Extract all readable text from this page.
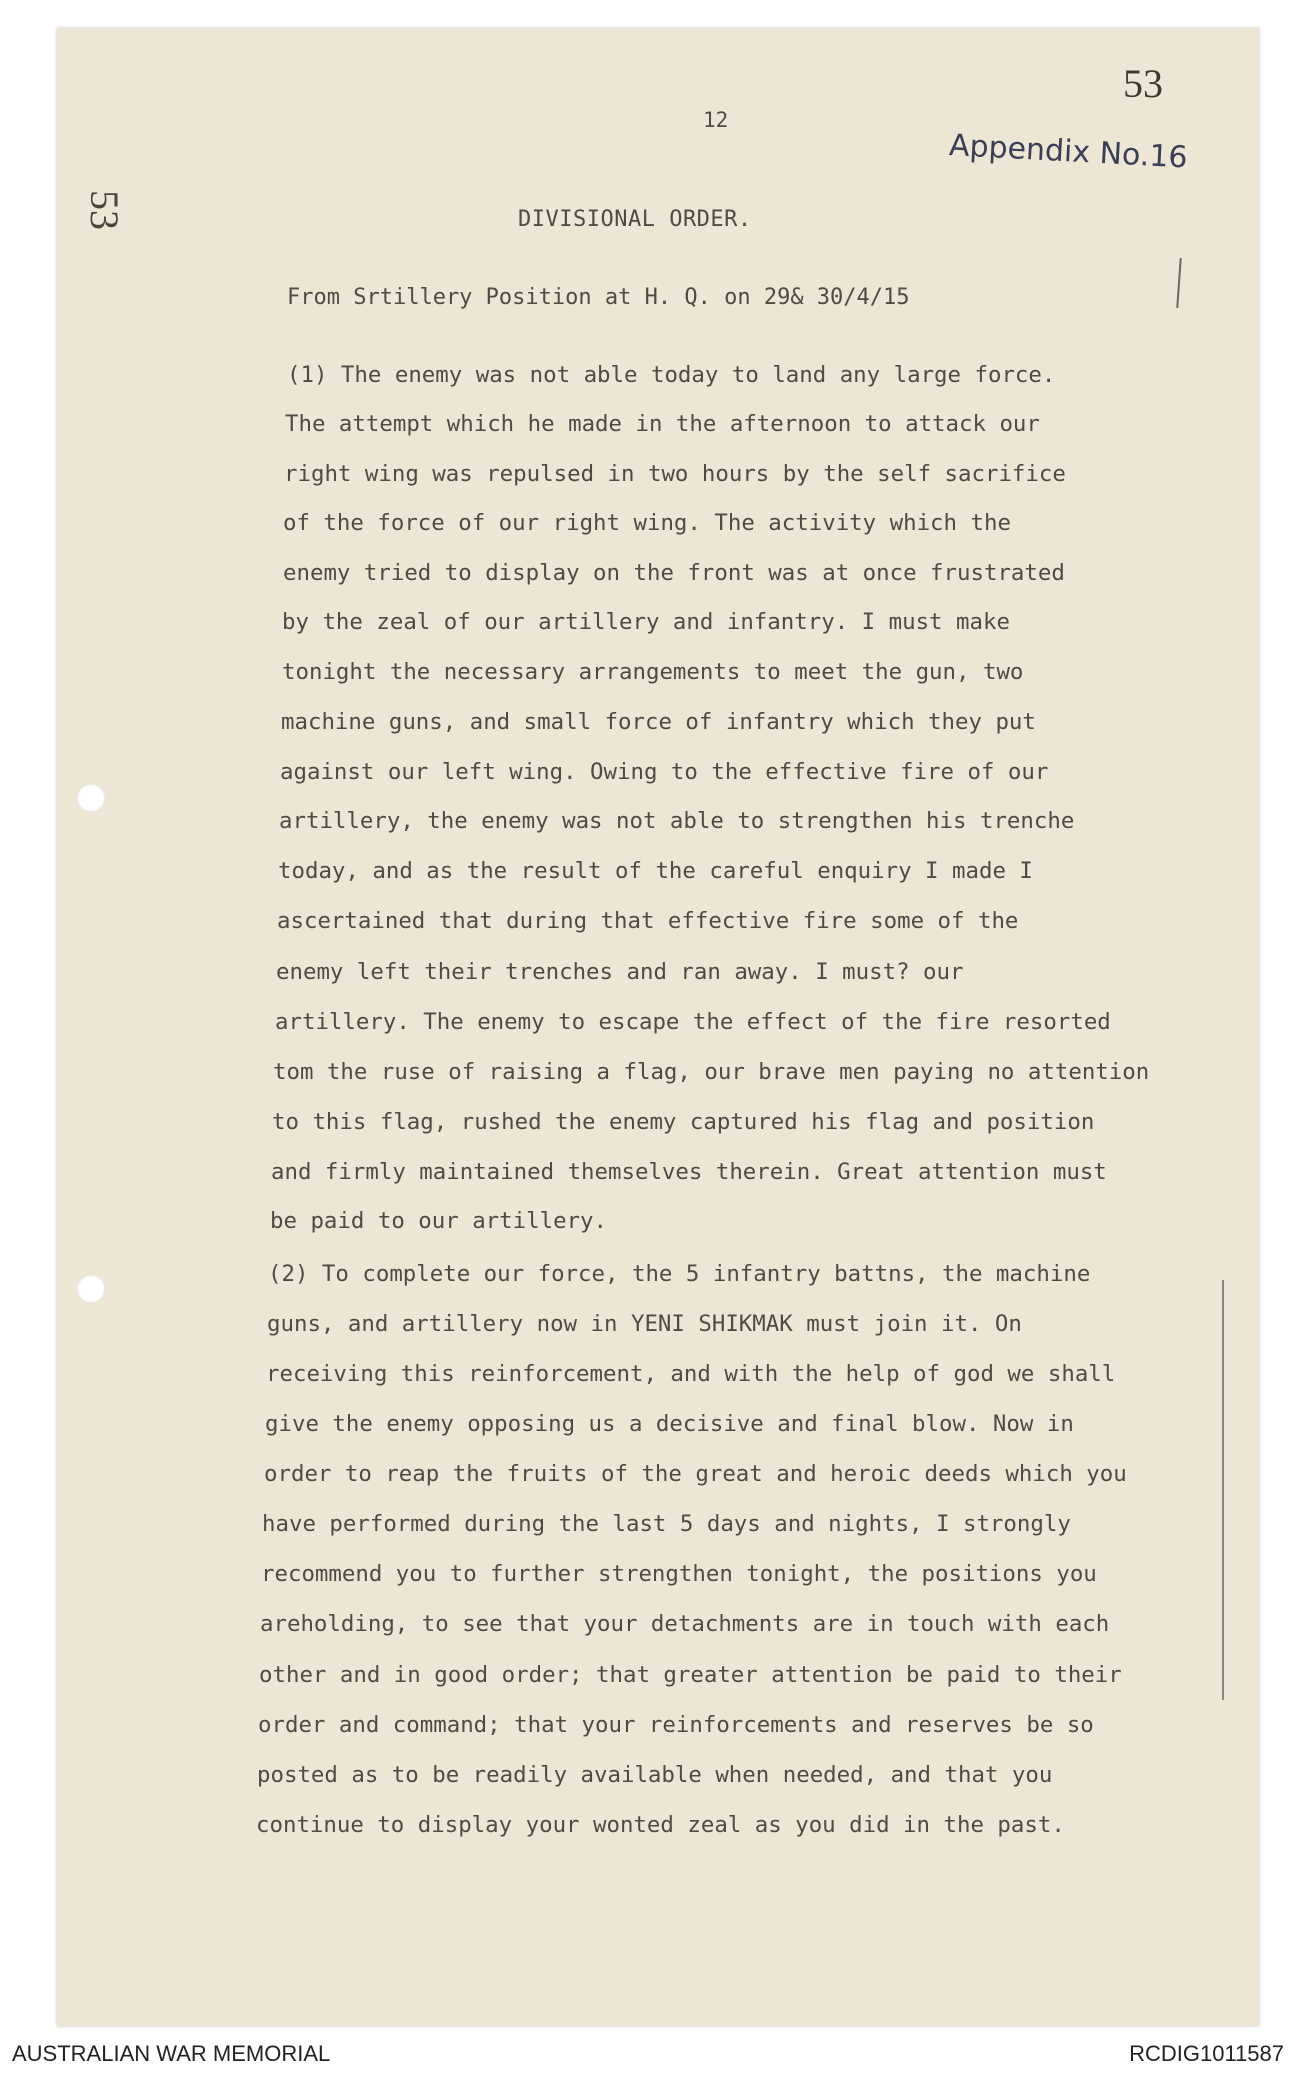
53
53
12
Appendix No.16
DIVISIONAL ORDER.
From Srtillery Position at H. Q. on 29& 30/4/15
(1) The enemy was not able today to land any large force.
The attempt which he made in the afternoon to attack our
right wing was repulsed in two hours by the self sacrifice
of the force of our right wing. The activity which the
enemy tried to display on the front was at once frustrated
by the zeal of our artillery and infantry. I must make
tonight the necessary arrangements to meet the gun, two
machine guns, and small force of infantry which they put
against our left wing. Owing to the effective fire of our
artillery, the enemy was not able to strengthen his trenche
today, and as the result of the careful enquiry I made I
ascertained that during that effective fire some of the
enemy left their trenches and ran away. I must? our
artillery. The enemy to escape the effect of the fire resorted
tom the ruse of raising a flag, our brave men paying no attention
to this flag, rushed the enemy captured his flag and position
and firmly maintained themselves therein. Great attention must
be paid to our artillery.
(2) To complete our force, the 5 infantry battns, the machine
guns, and artillery now in YENI SHIKMAK must join it. On
receiving this reinforcement, and with the help of god we shall
give the enemy opposing us a decisive and final blow. Now in
order to reap the fruits of the great and heroic deeds which you
have performed during the last 5 days and nights, I strongly
recommend you to further strengthen tonight, the positions you
areholding, to see that your detachments are in touch with each
other and in good order; that greater attention be paid to their
order and command; that your reinforcements and reserves be so
posted as to be readily available when needed, and that you
continue to display your wonted zeal as you did in the past.
AUSTRALIAN WAR MEMORIAL	RCDIG1011587
